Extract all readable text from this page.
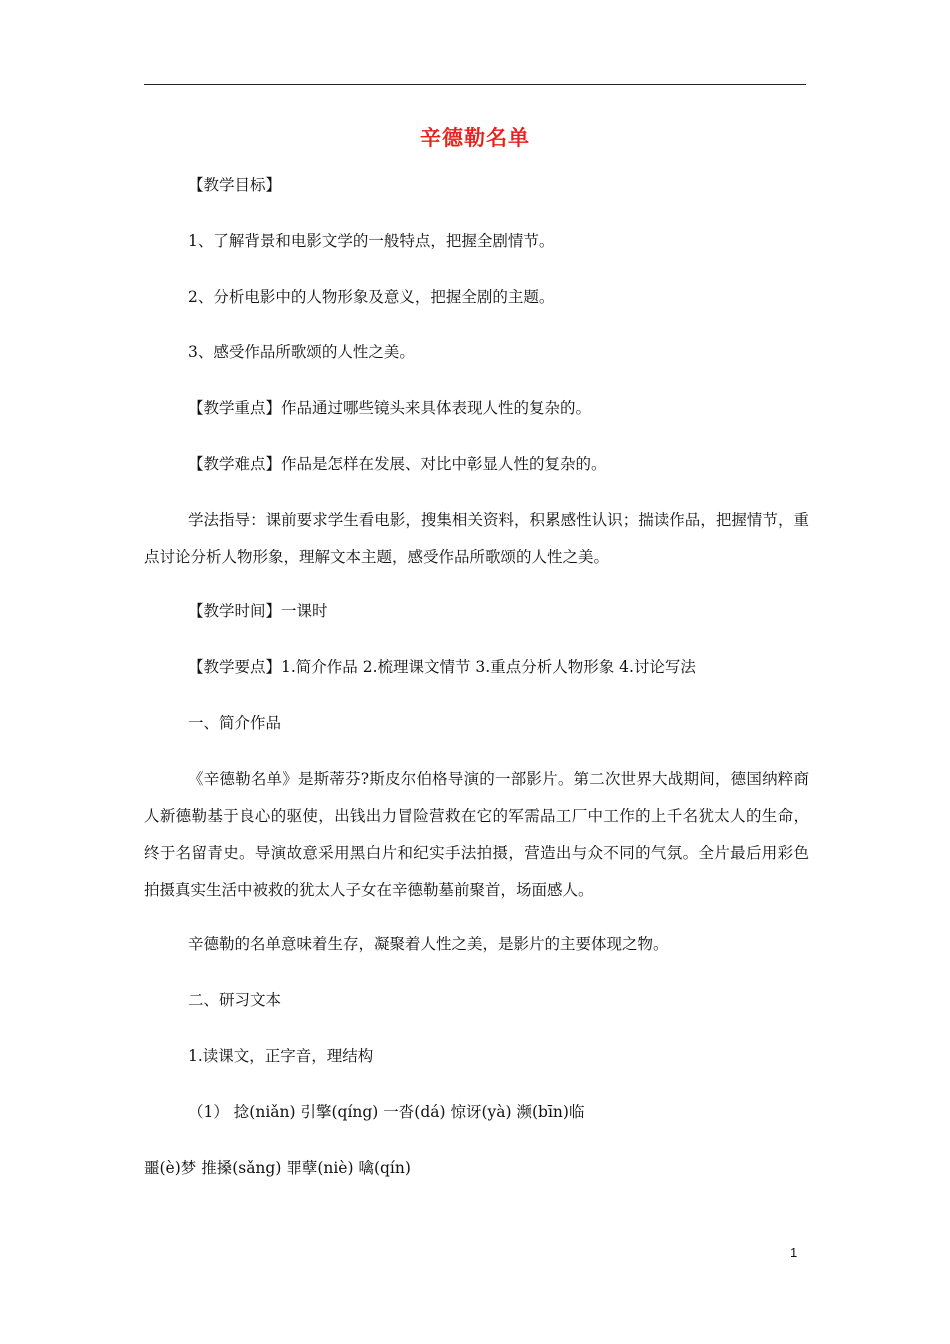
辛德勒名单
【教学目标】
1、了解背景和电影文学的一般特点，把握全剧情节。
2、分析电影中的人物形象及意义，把握全剧的主题。
3、感受作品所歌颂的人性之美。
【教学重点】作品通过哪些镜头来具体表现人性的复杂的。
【教学难点】作品是怎样在发展、对比中彰显人性的复杂的。
学法指导：课前要求学生看电影，搜集相关资料，积累感性认识；揣读作品，把握情节，重点讨论分析人物形象，理解文本主题，感受作品所歌颂的人性之美。
【教学时间】一课时
【教学要点】1.简介作品 2.梳理课文情节 3.重点分析人物形象 4.讨论写法
一、简介作品
《辛德勒名单》是斯蒂芬?斯皮尔伯格导演的一部影片。第二次世界大战期间，德国纳粹商人新德勒基于良心的驱使，出钱出力冒险营救在它的军需品工厂中工作的上千名犹太人的生命，终于名留青史。导演故意采用黑白片和纪实手法拍摄，营造出与众不同的气氛。全片最后用彩色拍摄真实生活中被救的犹太人子女在辛德勒墓前聚首，场面感人。
辛德勒的名单意味着生存，凝聚着人性之美，是影片的主要体现之物。
二、研习文本
1.读课文，正字音，理结构
（1） 捻(niǎn) 引擎(qíng) 一沓(dá) 惊讶(yà) 濒(bīn)临
噩(è)梦 推搡(sǎng) 罪孽(niè) 噙(qín)
1
